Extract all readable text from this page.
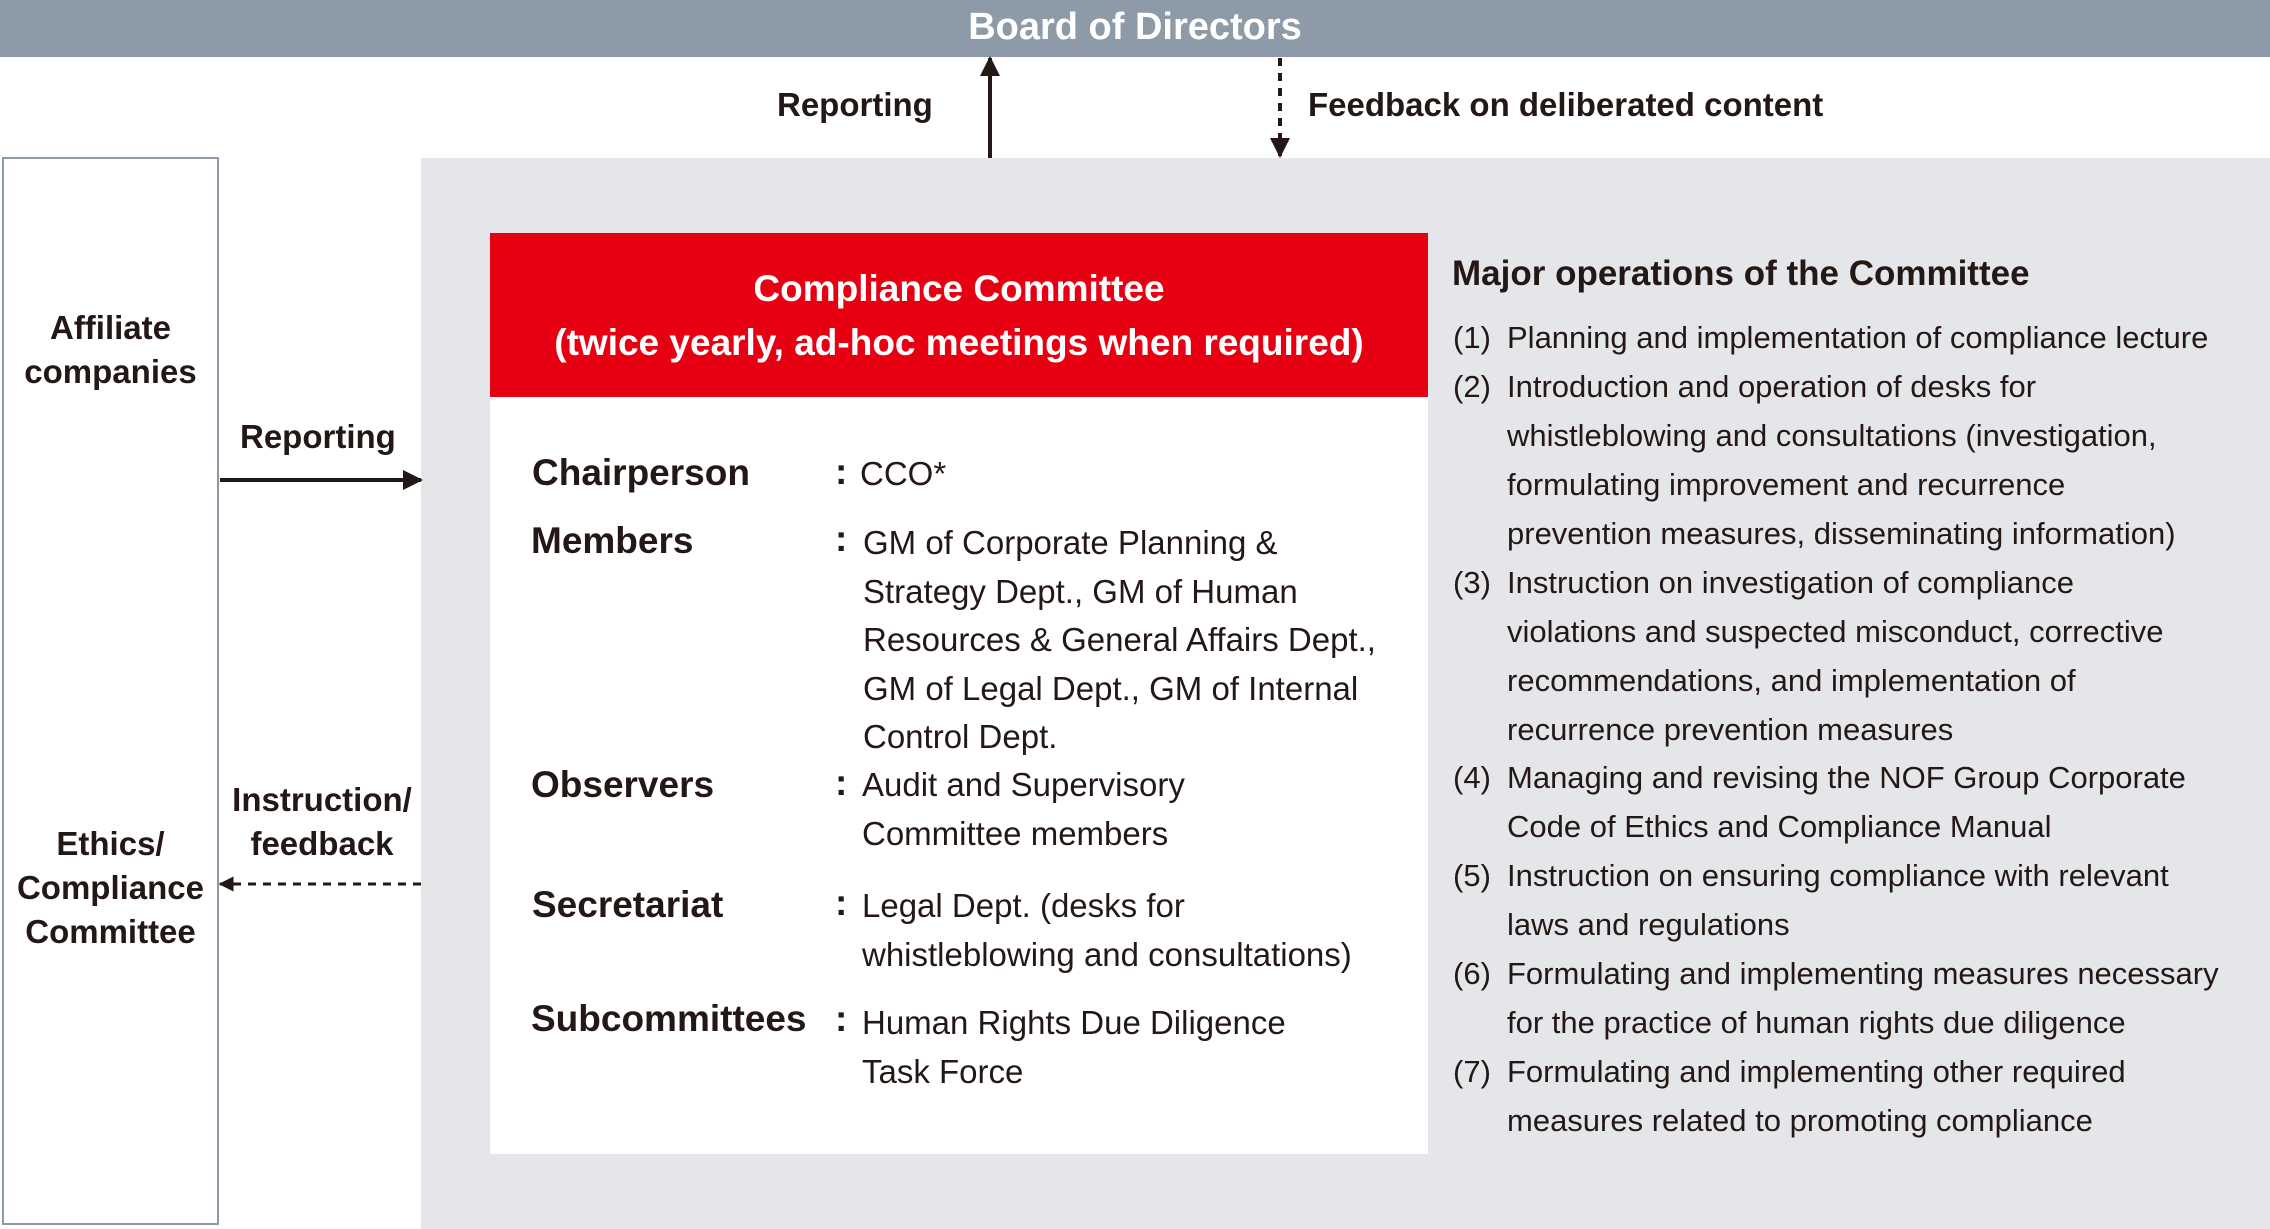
Board of Directors
Reporting	Feedback on deliberated content
Affiliate
companies
Ethics/
Compliance
Committee
Reporting
Instruction/
feedback
Compliance Committee
(twice yearly, ad-hoc meetings when required)
Chairperson : CCO*
Members	: GM of Corporate Planning &
Strategy Dept., GM of Human
Resources & General Affairs Dept.,
GM of Legal Dept., GM of Internal
Control Dept.
Observers	: Audit and Supervisory
Committee members
Secretariat	: Legal Dept. (desks for
whistleblowing and consultations)
Subcommittees : Human Rights Due Diligence
Task Force
Major operations of the Committee
(1) Planning and implementation of compliance lecture
(2) Introduction and operation of desks for
whistleblowing and consultations (investigation,
formulating improvement and recurrence
prevention measures, disseminating information)
(3) Instruction on investigation of compliance
violations and suspected misconduct, corrective
recommendations, and implementation of
recurrence prevention measures
(4) Managing and revising the NOF Group Corporate
Code of Ethics and Compliance Manual
(5) Instruction on ensuring compliance with relevant
laws and regulations
(6) Formulating and implementing measures necessary
for the practice of human rights due diligence
(7) Formulating and implementing other required
measures related to promoting compliance
